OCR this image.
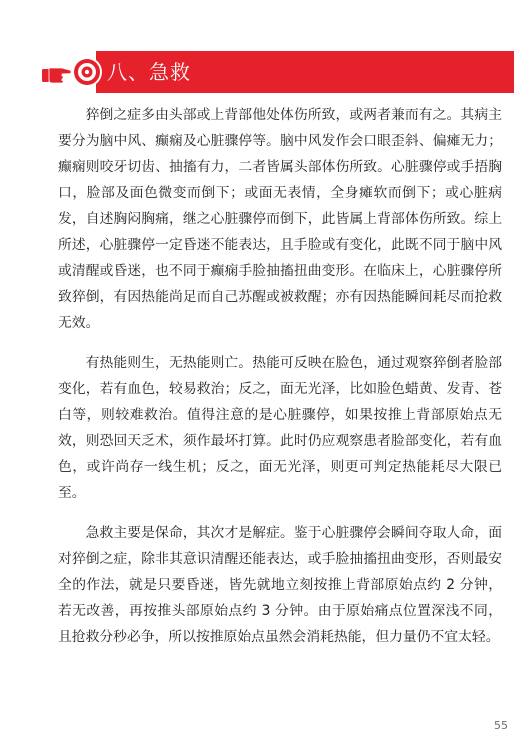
八、急救

猝倒之症多由头部或上背部他处体伤所致，或两者兼而有之。其病主要分为脑中风、癫痫及心脏骤停等。脑中风发作会口眼歪斜、偏瘫无力；癫痫则咬牙切齿、抽搐有力，二者皆属头部体伤所致。心脏骤停或手捂胸口，脸部及面色微变而倒下；或面无表情，全身瘫软而倒下；或心脏病发，自述胸闷胸痛，继之心脏骤停而倒下，此皆属上背部体伤所致。综上所述，心脏骤停一定昏迷不能表达，且手脸或有变化，此既不同于脑中风或清醒或昏迷，也不同于癫痫手脸抽搐扭曲变形。在临床上，心脏骤停所致猝倒，有因热能尚足而自己苏醒或被救醒；亦有因热能瞬间耗尽而抢救无效。

有热能则生，无热能则亡。热能可反映在脸色，通过观察猝倒者脸部变化，若有血色，较易救治；反之，面无光泽，比如脸色蜡黄、发青、苍白等，则较难救治。值得注意的是心脏骤停，如果按推上背部原始点无效，则恐回天乏术，须作最坏打算。此时仍应观察患者脸部变化，若有血色，或许尚存一线生机；反之，面无光泽，则更可判定热能耗尽大限已至。

急救主要是保命，其次才是解症。鉴于心脏骤停会瞬间夺取人命，面对猝倒之症，除非其意识清醒还能表达，或手脸抽搐扭曲变形，否则最安全的作法，就是只要昏迷，皆先就地立刻按推上背部原始点约 2 分钟，若无改善，再按推头部原始点约 3 分钟。由于原始痛点位置深浅不同，且抢救分秒必争，所以按推原始点虽然会消耗热能，但力量仍不宜太轻。

55
